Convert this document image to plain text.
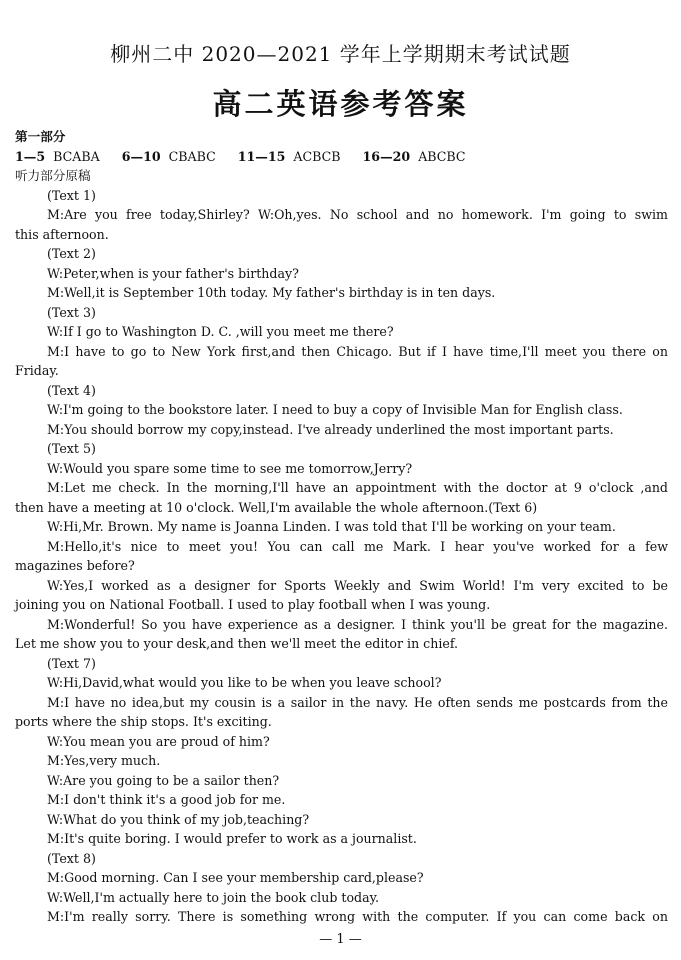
柳州二中 2020—2021 学年上学期期末考试试题
高二英语参考答案

第一部分

1—5 BCABA 6—10 CBABC 11—15 ACBCB 16—20 ABCBC

听力部分原稿

(Text 1)

M:Are you free today,Shirley? W:Oh,yes. No school and no homework. I'm going to swim

this afternoon.

(Text 2)

W:Peter,when is your father's birthday?

M:Well,it is September 10th today. My father's birthday is in ten days.

(Text 3)

W:If I go to Washington D. C. ,will you meet me there?

M:I have to go to New York first,and then Chicago. But if I have time,I'll meet you there on

Friday.

(Text 4)

W:I'm going to the bookstore later. I need to buy a copy of Invisible Man for English class.

M:You should borrow my copy,instead. I've already underlined the most important parts.

(Text 5)

W:Would you spare some time to see me tomorrow,Jerry?

M:Let me check. In the morning,I'll have an appointment with the doctor at 9 o'clock ,and

then have a meeting at 10 o'clock. Well,I'm available the whole afternoon.(Text 6)

W:Hi,Mr. Brown. My name is Joanna Linden. I was told that I'll be working on your team.

M:Hello,it's nice to meet you! You can call me Mark. I hear you've worked for a few

magazines before?

W:Yes,I worked as a designer for Sports Weekly and Swim World! I'm very excited to be

joining you on National Football. I used to play football when I was young.

M:Wonderful! So you have experience as a designer. I think you'll be great for the magazine.

Let me show you to your desk,and then we'll meet the editor in chief.

(Text 7)

W:Hi,David,what would you like to be when you leave school?

M:I have no idea,but my cousin is a sailor in the navy. He often sends me postcards from the

ports where the ship stops. It's exciting.

W:You mean you are proud of him?

M:Yes,very much.

W:Are you going to be a sailor then?

M:I don't think it's a good job for me.

W:What do you think of my job,teaching?

M:It's quite boring. I would prefer to work as a journalist.

(Text 8)

M:Good morning. Can I see your membership card,please?

W:Well,I'm actually here to join the book club today.

M:I'm really sorry. There is something wrong with the computer. If you can come back on

— 1 —
